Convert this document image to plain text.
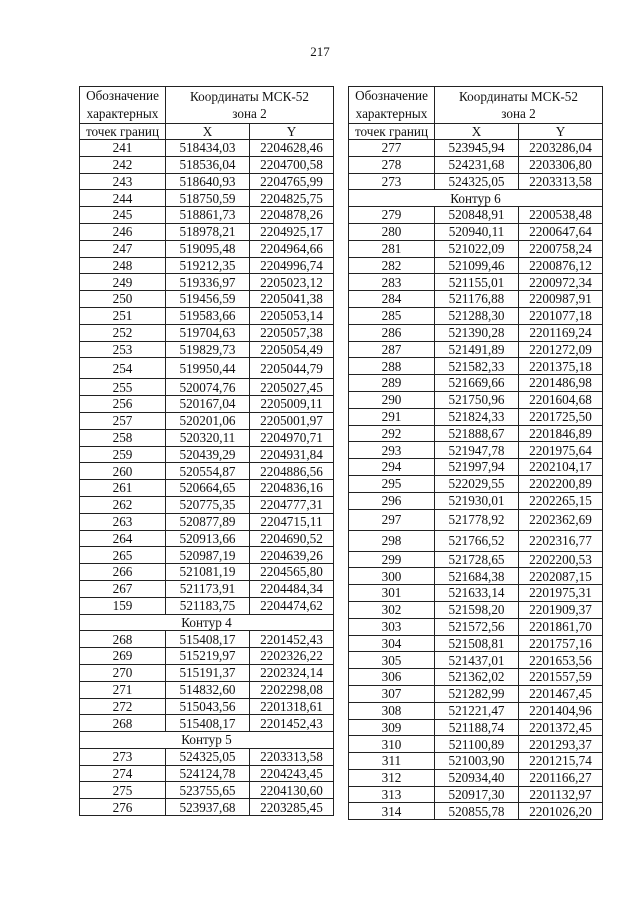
217
Обозначение
характерных	Координаты МСК-52
зона 2	

точек границ	X	Y
241	518434,03	2204628,46
242	518536,04	2204700,58
243	518640,93	2204765,99
244	518750,59	2204825,75
245	518861,73	2204878,26
246	518978,21	2204925,17
247	519095,48	2204964,66
248	519212,35	2204996,74
249	519336,97	2205023,12
250	519456,59	2205041,38
251	519583,66	2205053,14
252	519704,63	2205057,38
253	519829,73	2205054,49
254	519950,44	2205044,79
255	520074,76	2205027,45
256	520167,04	2205009,11
257	520201,06	2205001,97
258	520320,11	2204970,71
259	520439,29	2204931,84
260	520554,87	2204886,56
261	520664,65	2204836,16
262	520775,35	2204777,31
263	520877,89	2204715,11
264	520913,66	2204690,52
265	520987,19	2204639,26
266	521081,19	2204565,80
267	521173,91	2204484,34
159	521183,75	2204474,62
Контур 4		
268	515408,17	2201452,43
269	515219,97	2202326,22
270	515191,37	2202324,14
271	514832,60	2202298,08
272	515043,56	2201318,61
268	515408,17	2201452,43
Контур 5		
273	524325,05	2203313,58
274	524124,78	2204243,45
275	523755,65	2204130,60
276	523937,68	2203285,45
Обозначение
характерных	Координаты МСК-52
зона 2	

точек границ	X	Y
277	523945,94	2203286,04
278	524231,68	2203306,80
273	524325,05	2203313,58
Контур 6		
279	520848,91	2200538,48
280	520940,11	2200647,64
281	521022,09	2200758,24
282	521099,46	2200876,12
283	521155,01	2200972,34
284	521176,88	2200987,91
285	521288,30	2201077,18
286	521390,28	2201169,24
287	521491,89	2201272,09
288	521582,33	2201375,18
289	521669,66	2201486,98
290	521750,96	2201604,68
291	521824,33	2201725,50
292	521888,67	2201846,89
293	521947,78	2201975,64
294	521997,94	2202104,17
295	522029,55	2202200,89
296	521930,01	2202265,15
297	521778,92	2202362,69
298	521766,52	2202316,77
299	521728,65	2202200,53
300	521684,38	2202087,15
301	521633,14	2201975,31
302	521598,20	2201909,37
303	521572,56	2201861,70
304	521508,81	2201757,16
305	521437,01	2201653,56
306	521362,02	2201557,59
307	521282,99	2201467,45
308	521221,47	2201404,96
309	521188,74	2201372,45
310	521100,89	2201293,37
311	521003,90	2201215,74
312	520934,40	2201166,27
313	520917,30	2201132,97
314	520855,78	2201026,20
